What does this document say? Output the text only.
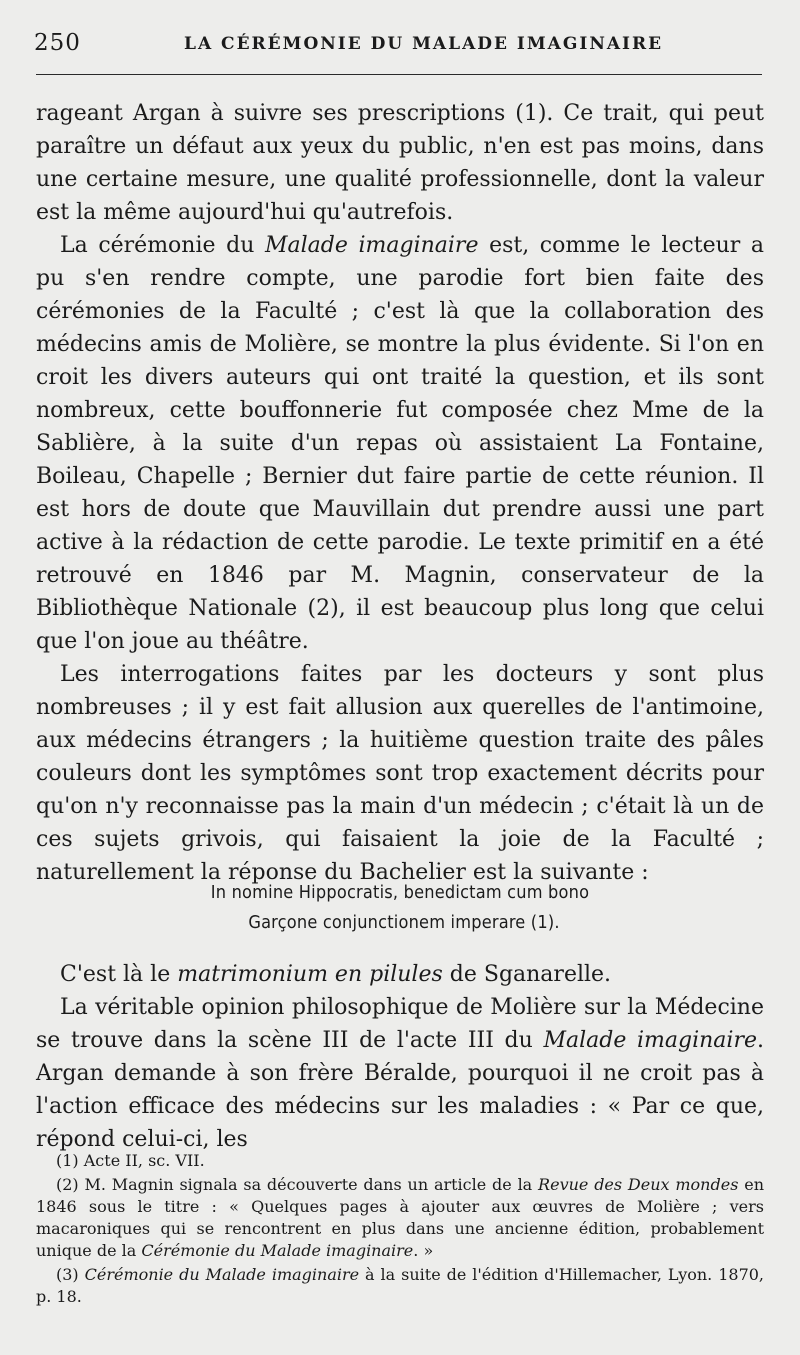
250	LA CÉRÉMONIE DU MALADE IMAGINAIRE

rageant Argan à suivre ses prescriptions (1). Ce trait, qui peut paraître un défaut aux yeux du public, n'en est pas moins, dans une certaine mesure, une qualité professionnelle, dont la valeur est la même aujourd'hui qu'autrefois.

La cérémonie du Malade imaginaire est, comme le lecteur a pu s'en rendre compte, une parodie fort bien faite des cérémonies de la Faculté ; c'est là que la collaboration des médecins amis de Molière, se montre la plus évidente. Si l'on en croit les divers auteurs qui ont traité la question, et ils sont nombreux, cette bouffonnerie fut composée chez Mme de la Sablière, à la suite d'un repas où assistaient La Fontaine, Boileau, Chapelle ; Bernier dut faire partie de cette réunion. Il est hors de doute que Mauvillain dut prendre aussi une part active à la rédaction de cette parodie. Le texte primitif en a été retrouvé en 1846 par M. Magnin, conservateur de la Bibliothèque Nationale (2), il est beaucoup plus long que celui que l'on joue au théâtre.

Les interrogations faites par les docteurs y sont plus nombreuses ; il y est fait allusion aux querelles de l'antimoine, aux médecins étrangers ; la huitième question traite des pâles couleurs dont les symptômes sont trop exactement décrits pour qu'on n'y reconnaisse pas la main d'un médecin ; c'était là un de ces sujets grivois, qui faisaient la joie de la Faculté ; naturellement la réponse du Bachelier est la suivante :

In nomine Hippocratis, benedictam cum bono
Garçone conjunctionem imperare (1).

C'est là le matrimonium en pilules de Sganarelle.

La véritable opinion philosophique de Molière sur la Médecine se trouve dans la scène III de l'acte III du Malade imaginaire. Argan demande à son frère Béralde, pourquoi il ne croit pas à l'action efficace des médecins sur les maladies : « Par ce que, répond celui-ci, les

(1) Acte II, sc. VII.

(2) M. Magnin signala sa découverte dans un article de la Revue des Deux mondes en 1846 sous le titre : « Quelques pages à ajouter aux œuvres de Molière ; vers macaroniques qui se rencontrent en plus dans une ancienne édition, probablement unique de la Cérémonie du Malade imaginaire. »

(3) Cérémonie du Malade imaginaire à la suite de l'édition d'Hillemacher, Lyon. 1870, p. 18.
